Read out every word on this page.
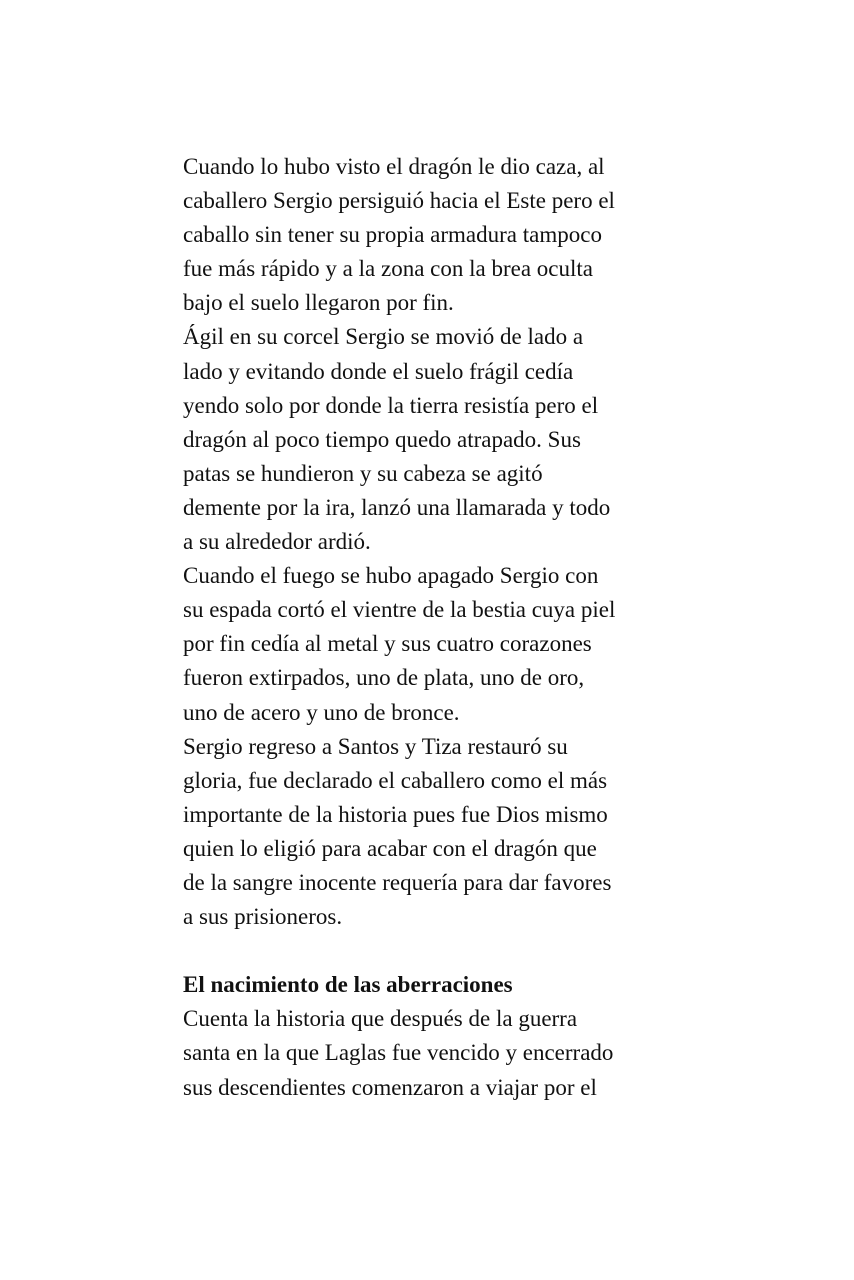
Cuando lo hubo visto el dragón le dio caza, al
caballero Sergio persiguió hacia el Este pero el
caballo sin tener su propia armadura tampoco
fue más rápido y a la zona con la brea oculta
bajo el suelo llegaron por fin.
Ágil en su corcel Sergio se movió de lado a
lado y evitando donde el suelo frágil cedía
yendo solo por donde la tierra resistía pero el
dragón al poco tiempo quedo atrapado. Sus
patas se hundieron y su cabeza se agitó
demente por la ira, lanzó una llamarada y todo
a su alrededor ardió.
Cuando el fuego se hubo apagado Sergio con
su espada cortó el vientre de la bestia cuya piel
por fin cedía al metal y sus cuatro corazones
fueron extirpados, uno de plata, uno de oro,
uno de acero y uno de bronce.
Sergio regreso a Santos y Tiza restauró su
gloria, fue declarado el caballero como el más
importante de la historia pues fue Dios mismo
quien lo eligió para acabar con el dragón que
de la sangre inocente requería para dar favores
a sus prisioneros.
El nacimiento de las aberraciones
Cuenta la historia que después de la guerra
santa en la que Laglas fue vencido y encerrado
sus descendientes comenzaron a viajar por el
